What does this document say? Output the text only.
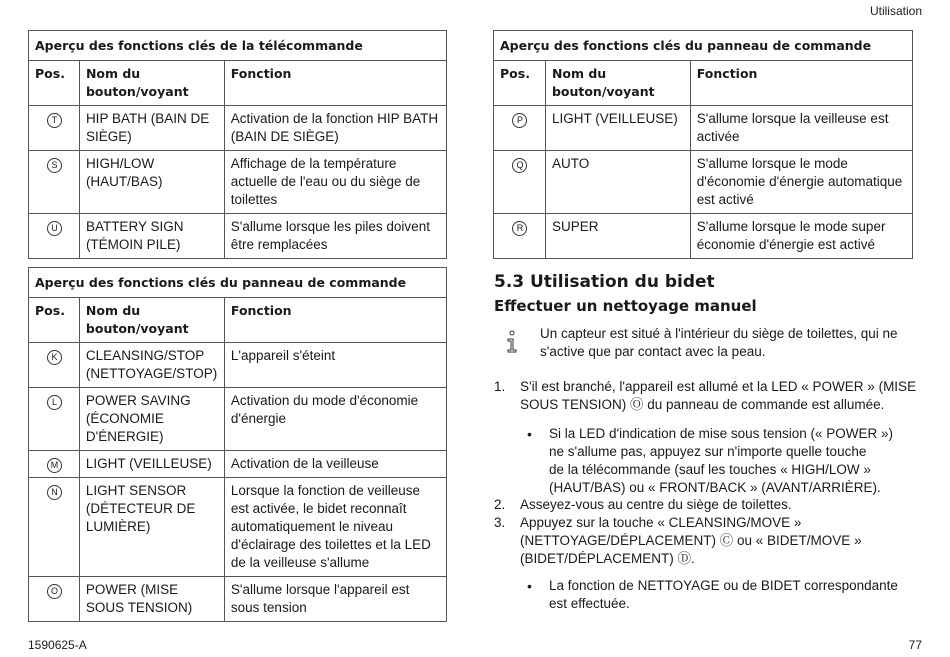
Utilisation
Aperçu des fonctions clés de la télécommande		
Pos.	Nom du bouton/voyant	Fonction
T	HIP BATH (BAIN DE SIÈGE)	Activation de la fonction HIP BATH (BAIN DE SIÈGE)
S	HIGH/LOW (HAUT/BAS)	Affichage de la température actuelle de l'eau ou du siège de toilettes
U	BATTERY SIGN (TÉMOIN PILE)	S'allume lorsque les piles doivent être remplacées
Aperçu des fonctions clés du panneau de commande		
Pos.	Nom du bouton/voyant	Fonction
K	CLEANSING/STOP (NETTOYAGE/STOP)	L'appareil s'éteint
L	POWER SAVING (ÉCONOMIE D'ÉNERGIE)	Activation du mode d'économie d'énergie
M	LIGHT (VEILLEUSE)	Activation de la veilleuse
N	LIGHT SENSOR (DÉTECTEUR DE LUMIÈRE)	Lorsque la fonction de veilleuse est activée, le bidet reconnaît automatiquement le niveau d'éclairage des toilettes et la LED de la veilleuse s'allume
O	POWER (MISE SOUS TENSION)	S'allume lorsque l'appareil est sous tension
Aperçu des fonctions clés du panneau de commande		
Pos.	Nom du bouton/voyant	Fonction
P	LIGHT (VEILLEUSE)	S'allume lorsque la veilleuse est activée
Q	AUTO	S'allume lorsque le mode d'économie d'énergie automatique est activé
R	SUPER	S'allume lorsque le mode super économie d'énergie est activé
5.3 Utilisation du bidet
Effectuer un nettoyage manuel
Un capteur est situé à l'intérieur du siège de toilettes, qui ne
s'active que par contact avec la peau.
1. S'il est branché, l'appareil est allumé et la LED « POWER » (MISE
SOUS TENSION) Ⓞ du panneau de commande est allumée.
• Si la LED d'indication de mise sous tension (« POWER »)
ne s'allume pas, appuyez sur n'importe quelle touche
de la télécommande (sauf les touches « HIGH/LOW »
(HAUT/BAS) ou « FRONT/BACK » (AVANT/ARRIÈRE).
2. Asseyez-vous au centre du siège de toilettes.
3. Appuyez sur la touche « CLEANSING/MOVE »
(NETTOYAGE/DÉPLACEMENT) Ⓒ ou « BIDET/MOVE »
(BIDET/DÉPLACEMENT) Ⓓ.
• La fonction de NETTOYAGE ou de BIDET correspondante
est effectuée.
1590625-A	77
